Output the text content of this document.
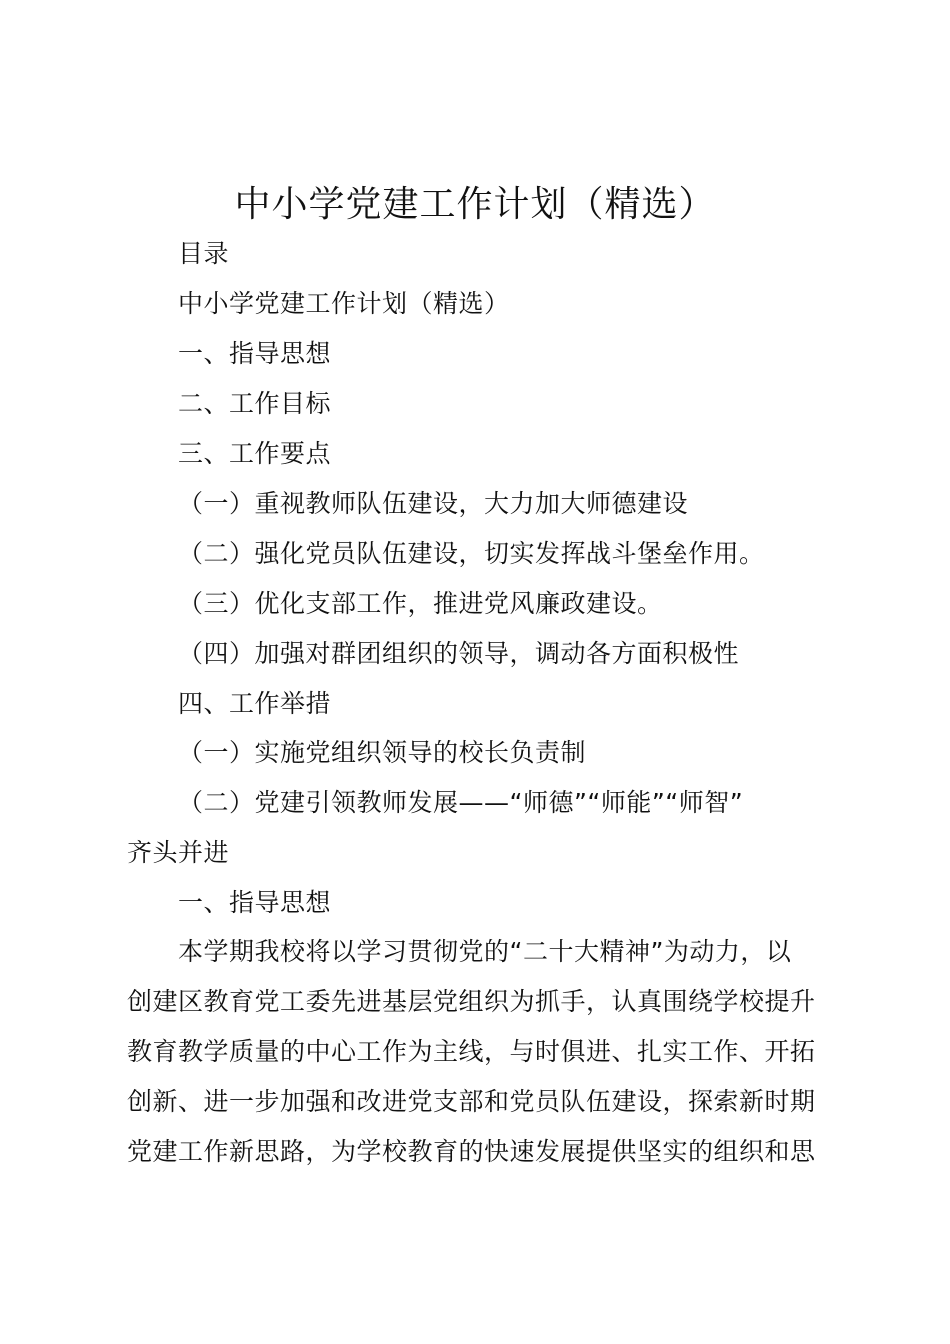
中小学党建工作计划（精选）
目录
中小学党建工作计划（精选）
一、指导思想
二、工作目标
三、工作要点
（一）重视教师队伍建设，大力加大师德建设
（二）强化党员队伍建设，切实发挥战斗堡垒作用。
（三）优化支部工作，推进党风廉政建设。
（四）加强对群团组织的领导，调动各方面积极性
四、工作举措
（一）实施党组织领导的校长负责制
（二）党建引领教师发展——“师德”“师能”“师智”
齐头并进
一、指导思想
本学期我校将以学习贯彻党的“二十大精神”为动力，以
创建区教育党工委先进基层党组织为抓手，认真围绕学校提升
教育教学质量的中心工作为主线，与时俱进、扎实工作、开拓
创新、进一步加强和改进党支部和党员队伍建设，探索新时期
党建工作新思路，为学校教育的快速发展提供坚实的组织和思
